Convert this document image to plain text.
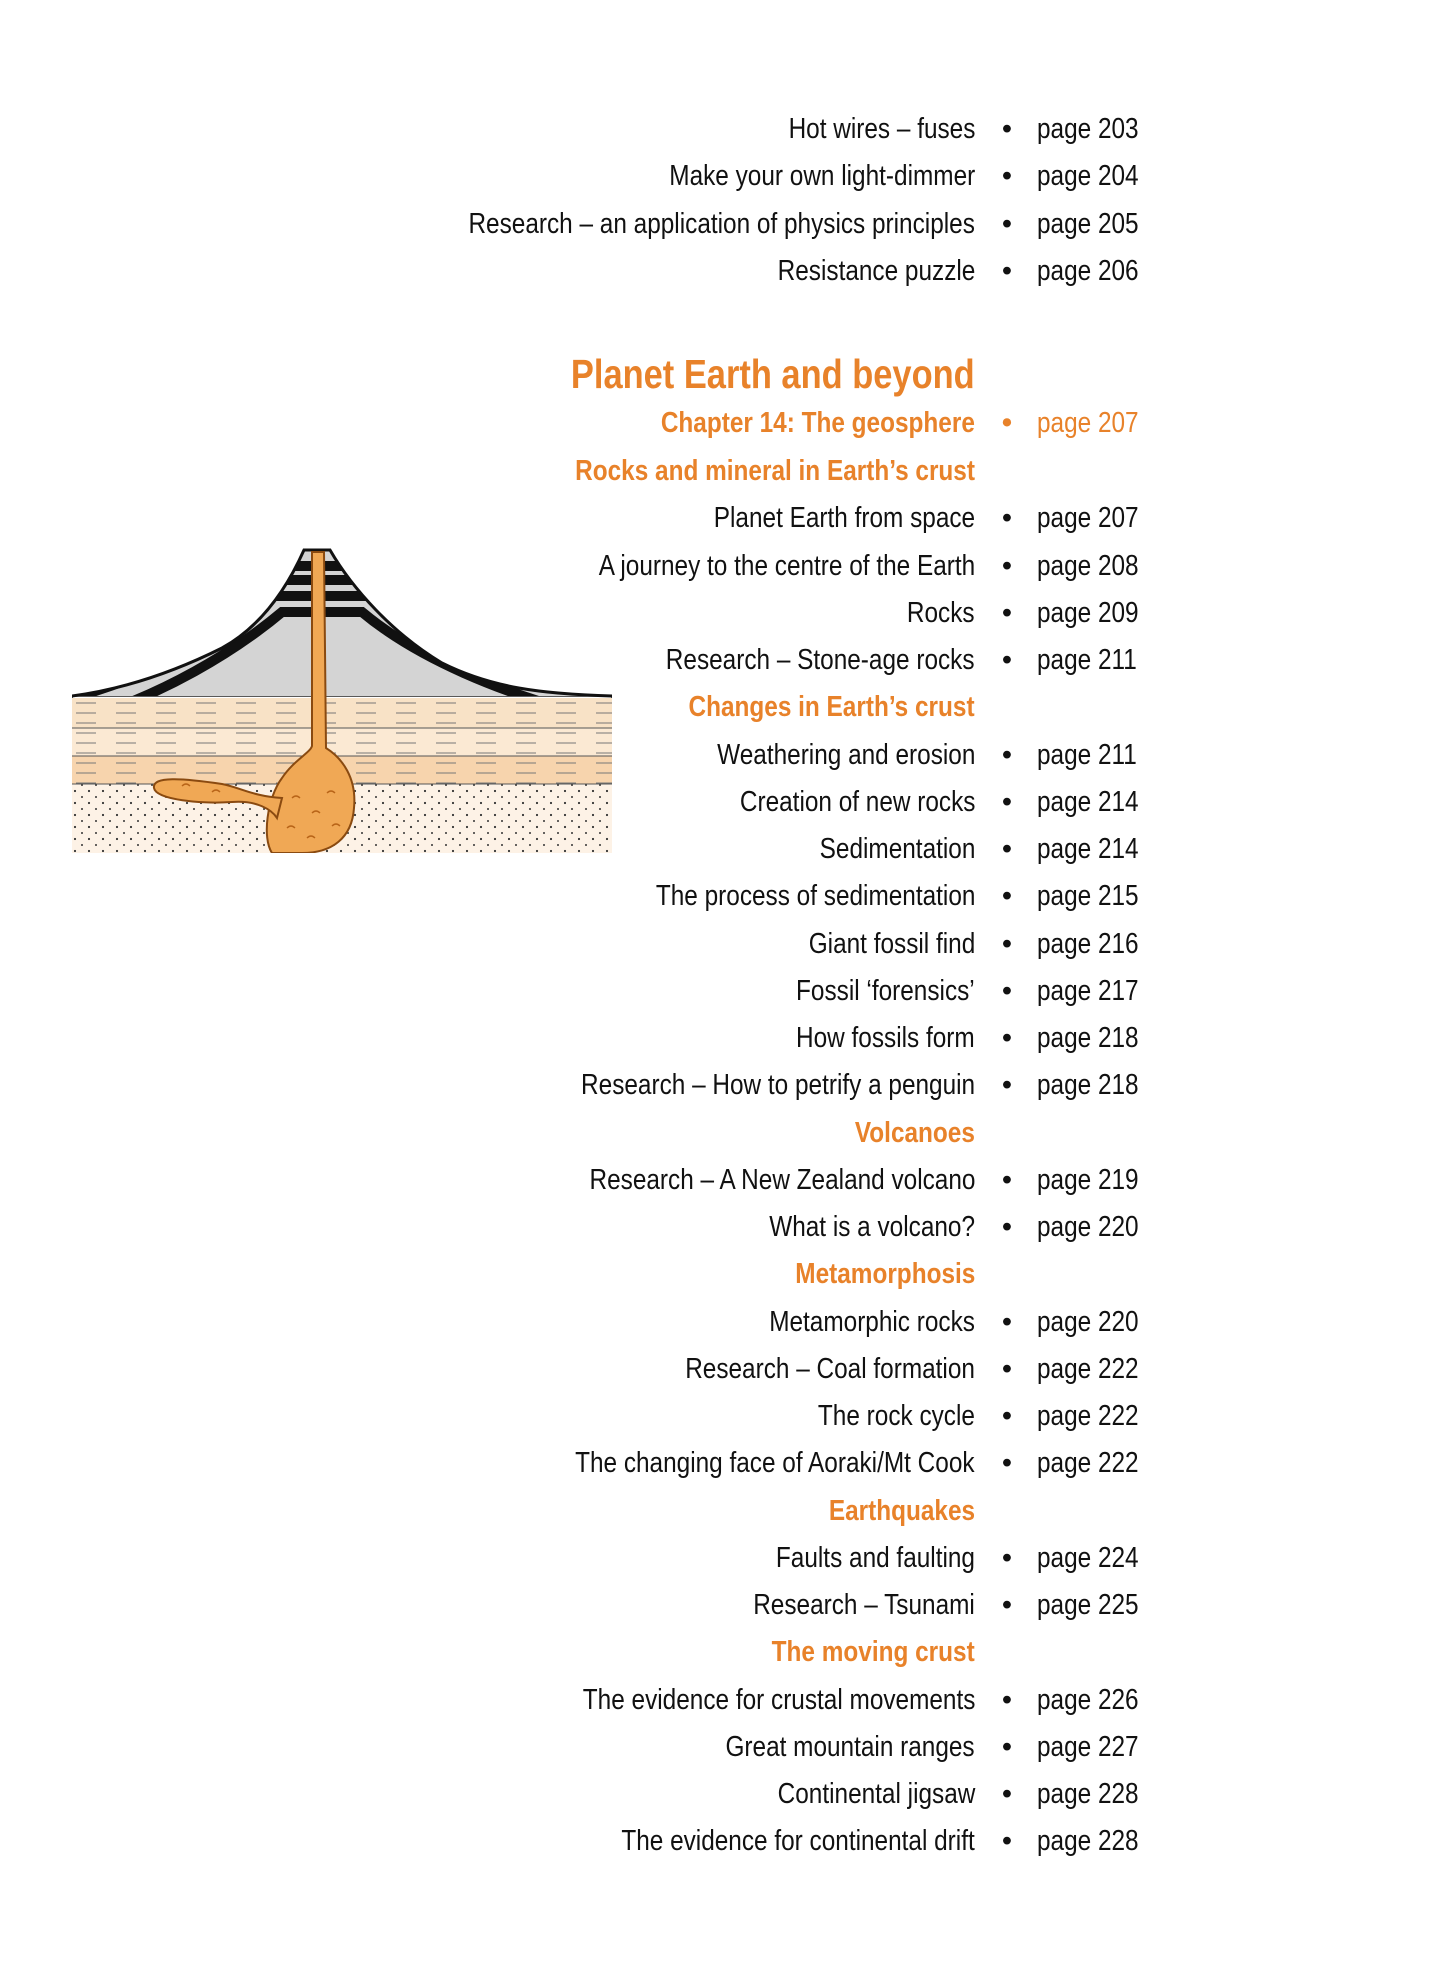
Hot wires – fuses • page 203
Make your own light-dimmer • page 204
Research – an application of physics principles • page 205
Resistance puzzle • page 206
Planet Earth and beyond
Chapter 14: The geosphere • page 207
Rocks and mineral in Earth’s crust
Planet Earth from space • page 207
A journey to the centre of the Earth • page 208
Rocks • page 209
Research – Stone-age rocks • page 211
Changes in Earth’s crust
Weathering and erosion • page 211
Creation of new rocks • page 214
Sedimentation • page 214
The process of sedimentation • page 215
Giant fossil find • page 216
Fossil ‘forensics’ • page 217
How fossils form • page 218
Research – How to petrify a penguin • page 218
Volcanoes
Research – A New Zealand volcano • page 219
What is a volcano? • page 220
Metamorphosis
Metamorphic rocks • page 220
Research – Coal formation • page 222
The rock cycle • page 222
The changing face of Aoraki/Mt Cook • page 222
Earthquakes
Faults and faulting • page 224
Research – Tsunami • page 225
The moving crust
The evidence for crustal movements • page 226
Great mountain ranges • page 227
Continental jigsaw • page 228
The evidence for continental drift • page 228
